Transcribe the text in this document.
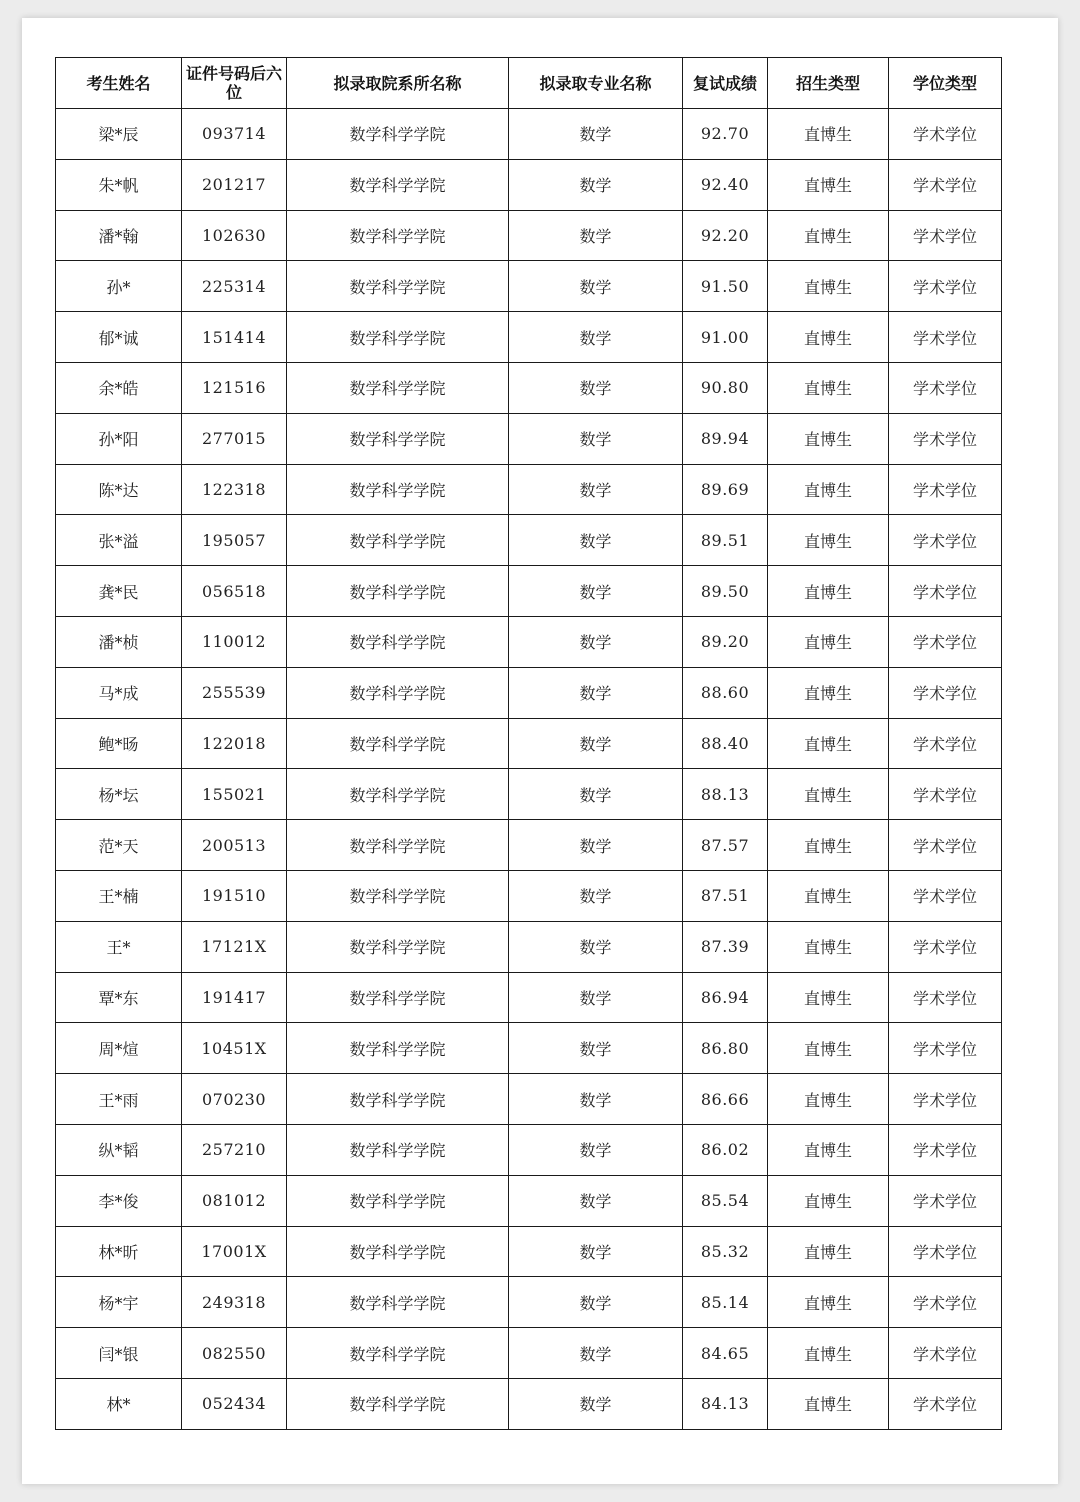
考生姓名	证件号码后六位	拟录取院系所名称	拟录取专业名称	复试成绩	招生类型	学位类型
梁*辰	093714	数学科学学院	数学	92.70	直博生	学术学位
朱*帆	201217	数学科学学院	数学	92.40	直博生	学术学位
潘*翰	102630	数学科学学院	数学	92.20	直博生	学术学位
孙*	225314	数学科学学院	数学	91.50	直博生	学术学位
郁*诚	151414	数学科学学院	数学	91.00	直博生	学术学位
余*皓	121516	数学科学学院	数学	90.80	直博生	学术学位
孙*阳	277015	数学科学学院	数学	89.94	直博生	学术学位
陈*达	122318	数学科学学院	数学	89.69	直博生	学术学位
张*溢	195057	数学科学学院	数学	89.51	直博生	学术学位
龚*民	056518	数学科学学院	数学	89.50	直博生	学术学位
潘*桢	110012	数学科学学院	数学	89.20	直博生	学术学位
马*成	255539	数学科学学院	数学	88.60	直博生	学术学位
鲍*旸	122018	数学科学学院	数学	88.40	直博生	学术学位
杨*坛	155021	数学科学学院	数学	88.13	直博生	学术学位
范*天	200513	数学科学学院	数学	87.57	直博生	学术学位
王*楠	191510	数学科学学院	数学	87.51	直博生	学术学位
王*	17121X	数学科学学院	数学	87.39	直博生	学术学位
覃*东	191417	数学科学学院	数学	86.94	直博生	学术学位
周*煊	10451X	数学科学学院	数学	86.80	直博生	学术学位
王*雨	070230	数学科学学院	数学	86.66	直博生	学术学位
纵*韬	257210	数学科学学院	数学	86.02	直博生	学术学位
李*俊	081012	数学科学学院	数学	85.54	直博生	学术学位
林*昕	17001X	数学科学学院	数学	85.32	直博生	学术学位
杨*宇	249318	数学科学学院	数学	85.14	直博生	学术学位
闫*银	082550	数学科学学院	数学	84.65	直博生	学术学位
林*	052434	数学科学学院	数学	84.13	直博生	学术学位
